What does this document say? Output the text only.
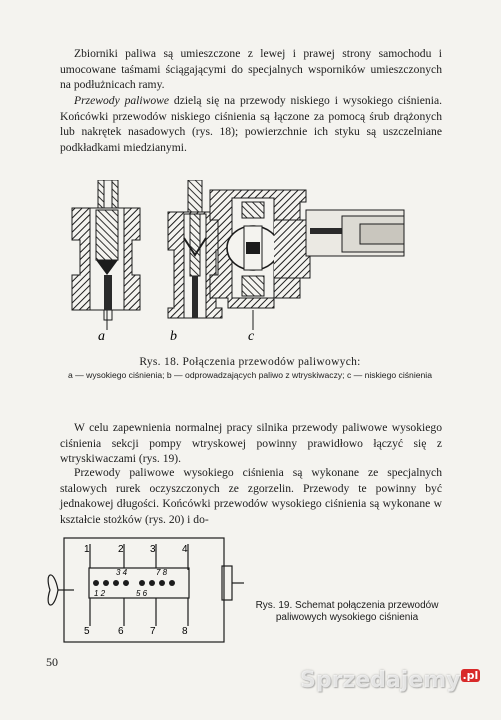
Zbiorniki paliwa są umieszczone z lewej i prawej strony samochodu i umocowane taśmami ściągającymi do specjalnych wsporników umieszczonych na podłużnicach ramy.

Przewody paliwowe dzielą się na przewody niskiego i wysokiego ciśnienia. Końcówki przewodów niskiego ciśnienia są łączone za pomocą śrub drążonych lub nakrętek nasadowych (rys. 18); powierzchnie ich styku są uszczelniane podkładkami miedzianymi.

a	b	c
Rys. 18. Połączenia przewodów paliwowych:
a — wysokiego ciśnienia; b — odprowadzających paliwo z wtryskiwaczy; c — niskiego ciśnienia

W celu zapewnienia normalnej pracy silnika przewody paliwowe wysokiego ciśnienia sekcji pompy wtryskowej powinny prawidłowo łączyć się z wtryskiwaczami (rys. 19).

Przewody paliwowe wysokiego ciśnienia są wykonane ze specjalnych stalowych rurek oczyszczonych ze zgorzelin. Przewody te powinny być jednakowej długości. Końcówki przewodów wysokiego ciśnienia są wykonane w kształcie stożków (rys. 20) i do-

1	2	3	4
5	6	7	8
3 4	7 8
1 2	5 6
Rys. 19. Schemat połączenia przewodów paliwowych wysokiego ciśnienia
50
Sprzedajemy $^{.pl}$
